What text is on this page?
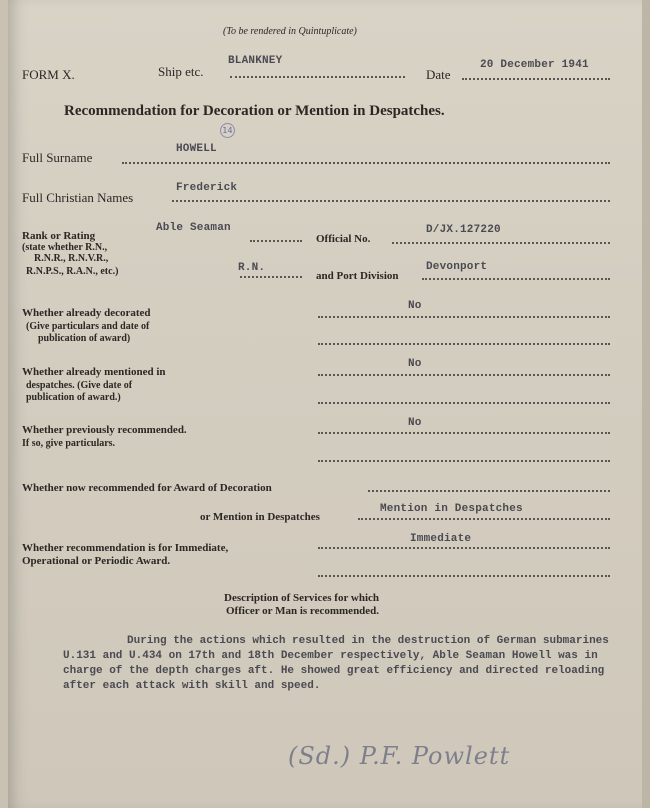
(To be rendered in Quintuplicate)
FORM X.	Ship etc.
BLANKNEY
Date
20 December 1941
Recommendation for Decoration or Mention in Despatches.
Full Surname
HOWELL
14
Full Christian Names
Frederick
Rank or Rating
(state whether R.N.,
R.N.R., R.N.V.R.,
R.N.P.S., R.A.N., etc.)
Able Seaman
R.N.
Official No.
D/JX.127220
and Port Division
Devonport
Whether already decorated
(Give particulars and date of
publication of award)
No
Whether already mentioned in
despatches. (Give date of
publication of award.)
No
Whether previously recommended.
If so, give particulars.
No
Whether now recommended for Award of Decoration
or Mention in Despatches
Mention in Despatches
Whether recommendation is for Immediate,
Operational or Periodic Award.
Immediate
Description of Services for which
Officer or Man is recommended.
During the actions which resulted in the destruction of German submarines U.131 and U.434 on 17th and 18th December respectively, Able Seaman Howell was in charge of the depth charges aft. He showed great efficiency and directed reloading after each attack with skill and speed.
(Sd.) P.F. Powlett
